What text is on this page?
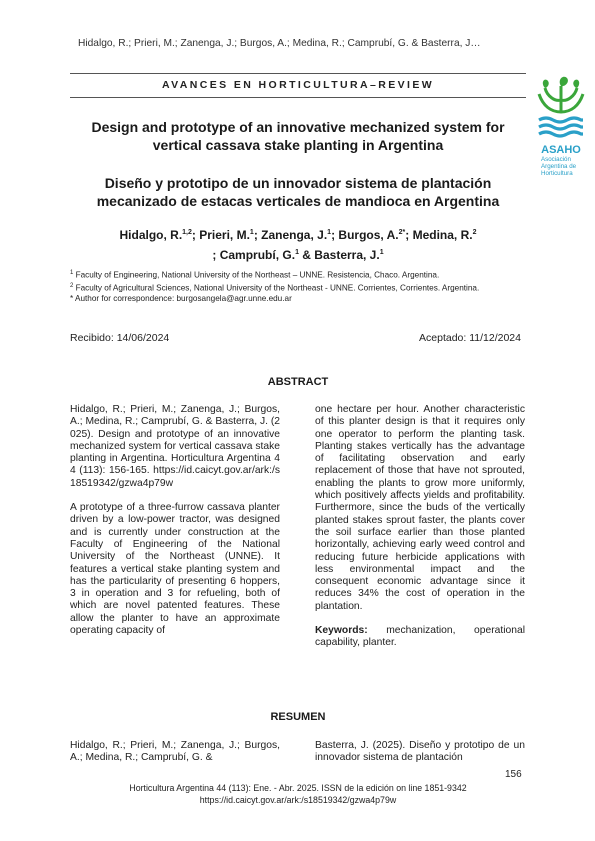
Hidalgo, R.; Prieri, M.; Zanenga, J.; Burgos, A.; Medina, R.; Camprubí, G. & Basterra, J…
AVANCES EN HORTICULTURA–REVIEW
ASAHO
Asociación
Argentina de
Horticultura
Design and prototype of an innovative mechanized system for vertical cassava stake planting in Argentina
Diseño y prototipo de un innovador sistema de plantación mecanizado de estacas verticales de mandioca en Argentina
Hidalgo, R.$^{1,2}$; Prieri, M.$^1$; Zanenga, J.$^1$; Burgos, A.$^{2*}$; Medina, R.$^2$
; Camprubí, G.$^1$ & Basterra, J.$^1$
$^1$ Faculty of Engineering, National University of the Northeast – UNNE. Resistencia, Chaco. Argentina.
$^2$ Faculty of Agricultural Sciences, National University of the Northeast - UNNE. Corrientes, Corrientes. Argentina.
* Author for correspondence: burgosangela@agr.unne.edu.ar
Recibido: 14/06/2024	Aceptado: 11/12/2024
ABSTRACT

Hidalgo, R.; Prieri, M.; Zanenga, J.; Burgos, A.; Medina, R.; Camprubí, G. & Basterra, J. (2025). Design and prototype of an innovative mechanized system for vertical cassava stake planting in Argentina. Horticultura Argentina 44 (113): 156-165. https://id.caicyt.gov.ar/ark:/s18519342/gzwa4p79w

A prototype of a three-furrow cassava planter driven by a low-power tractor, was designed and is currently under construction at the Faculty of Engineering of the National University of the Northeast (UNNE). It features a vertical stake planting system and has the particularity of presenting 6 hoppers, 3 in operation and 3 for refueling, both of which are novel patented features. These allow the planter to have an approximate operating capacity of

one hectare per hour. Another characteristic of this planter design is that it requires only one operator to perform the planting task. Planting stakes vertically has the advantage of facilitating observation and early replacement of those that have not sprouted, enabling the plants to grow more uniformly, which positively affects yields and profitability. Furthermore, since the buds of the vertically planted stakes sprout faster, the plants cover the soil surface earlier than those planted horizontally, achieving early weed control and reducing future herbicide applications with less environmental impact and the consequent economic advantage since it reduces 34% the cost of operation in the plantation.

Keywords: mechanization, operational capability, planter.

RESUMEN
Hidalgo, R.; Prieri, M.; Zanenga, J.; Burgos, A.; Medina, R.; Camprubí, G. &
Basterra, J. (2025). Diseño y prototipo de un innovador sistema de plantación
156
Horticultura Argentina 44 (113): Ene. - Abr. 2025. ISSN de la edición on line 1851-9342
https://id.caicyt.gov.ar/ark:/s18519342/gzwa4p79w
